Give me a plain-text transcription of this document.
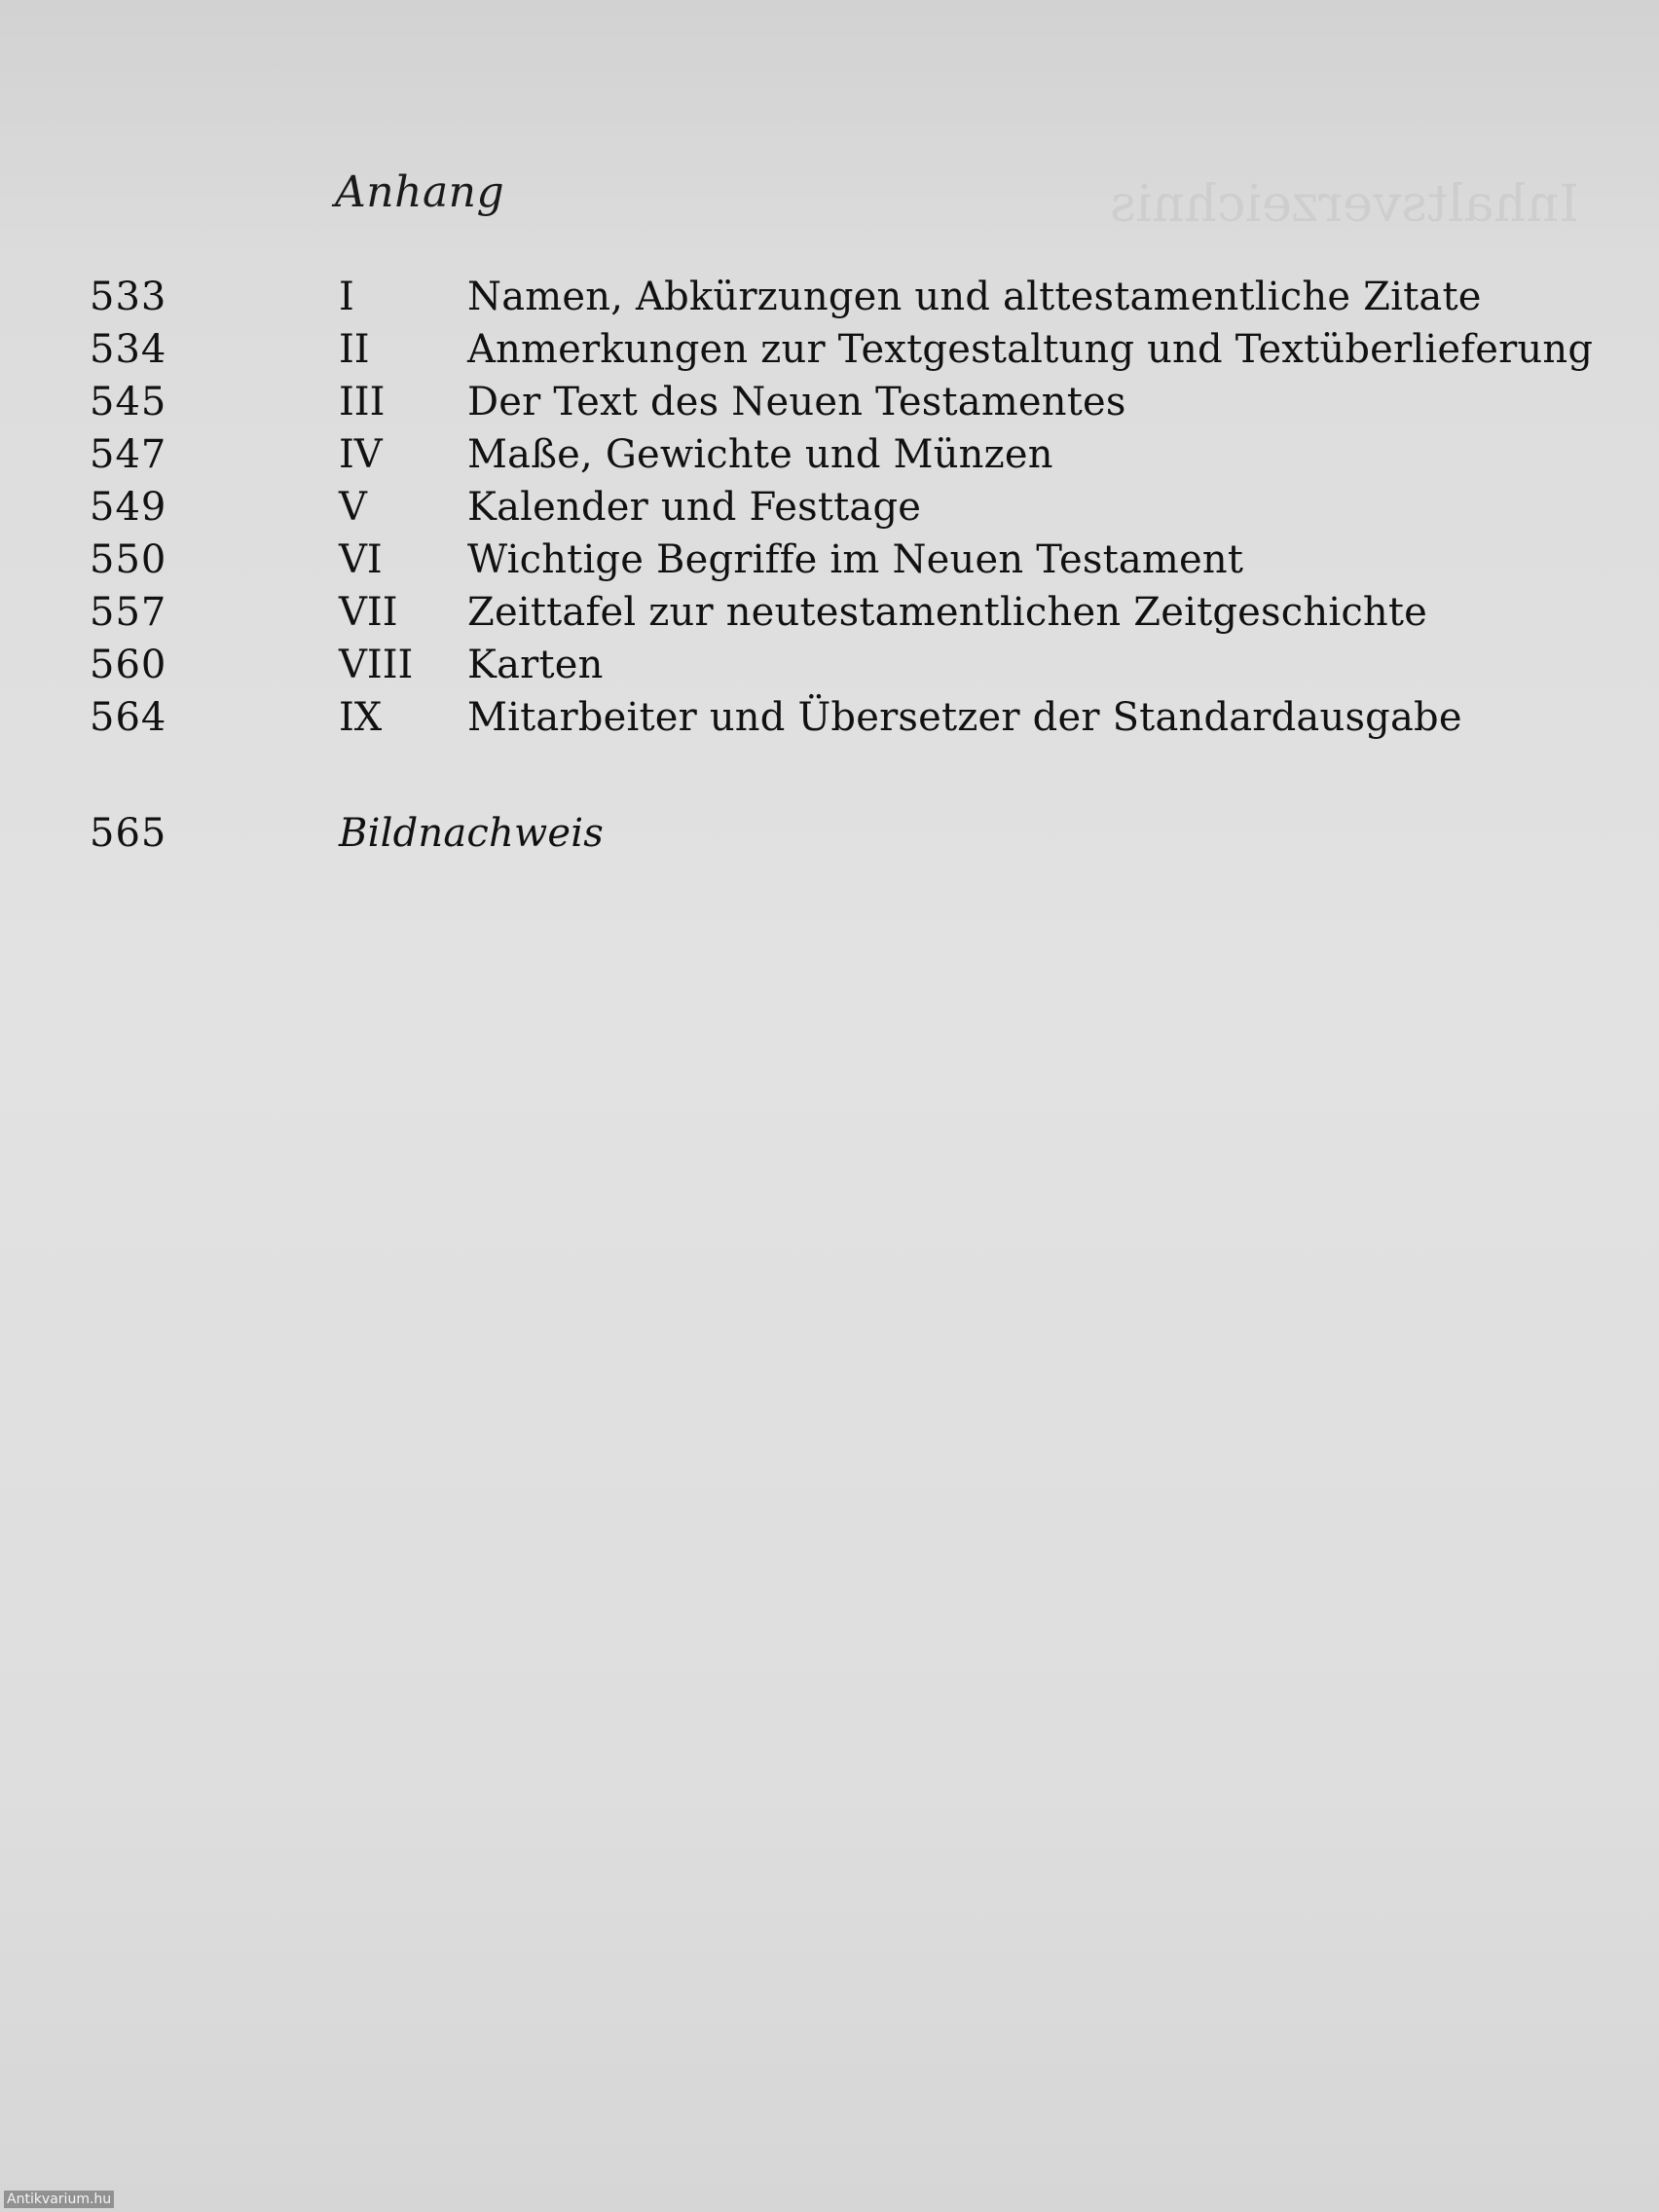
Inhaltsverzeichnis
Anhang
533	I	Namen, Abkürzungen und alttestamentliche Zitate
534	II	Anmerkungen zur Textgestaltung und Textüberlieferung
545	III	Der Text des Neuen Testamentes
547	IV	Maße, Gewichte und Münzen
549	V	Kalender und Festtage
550	VI	Wichtige Begriffe im Neuen Testament
557	VII	Zeittafel zur neutestamentlichen Zeitgeschichte
560	VIII	Karten
564	IX	Mitarbeiter und Übersetzer der Standardausgabe
565	Bildnachweis
Antikvarium.hu
